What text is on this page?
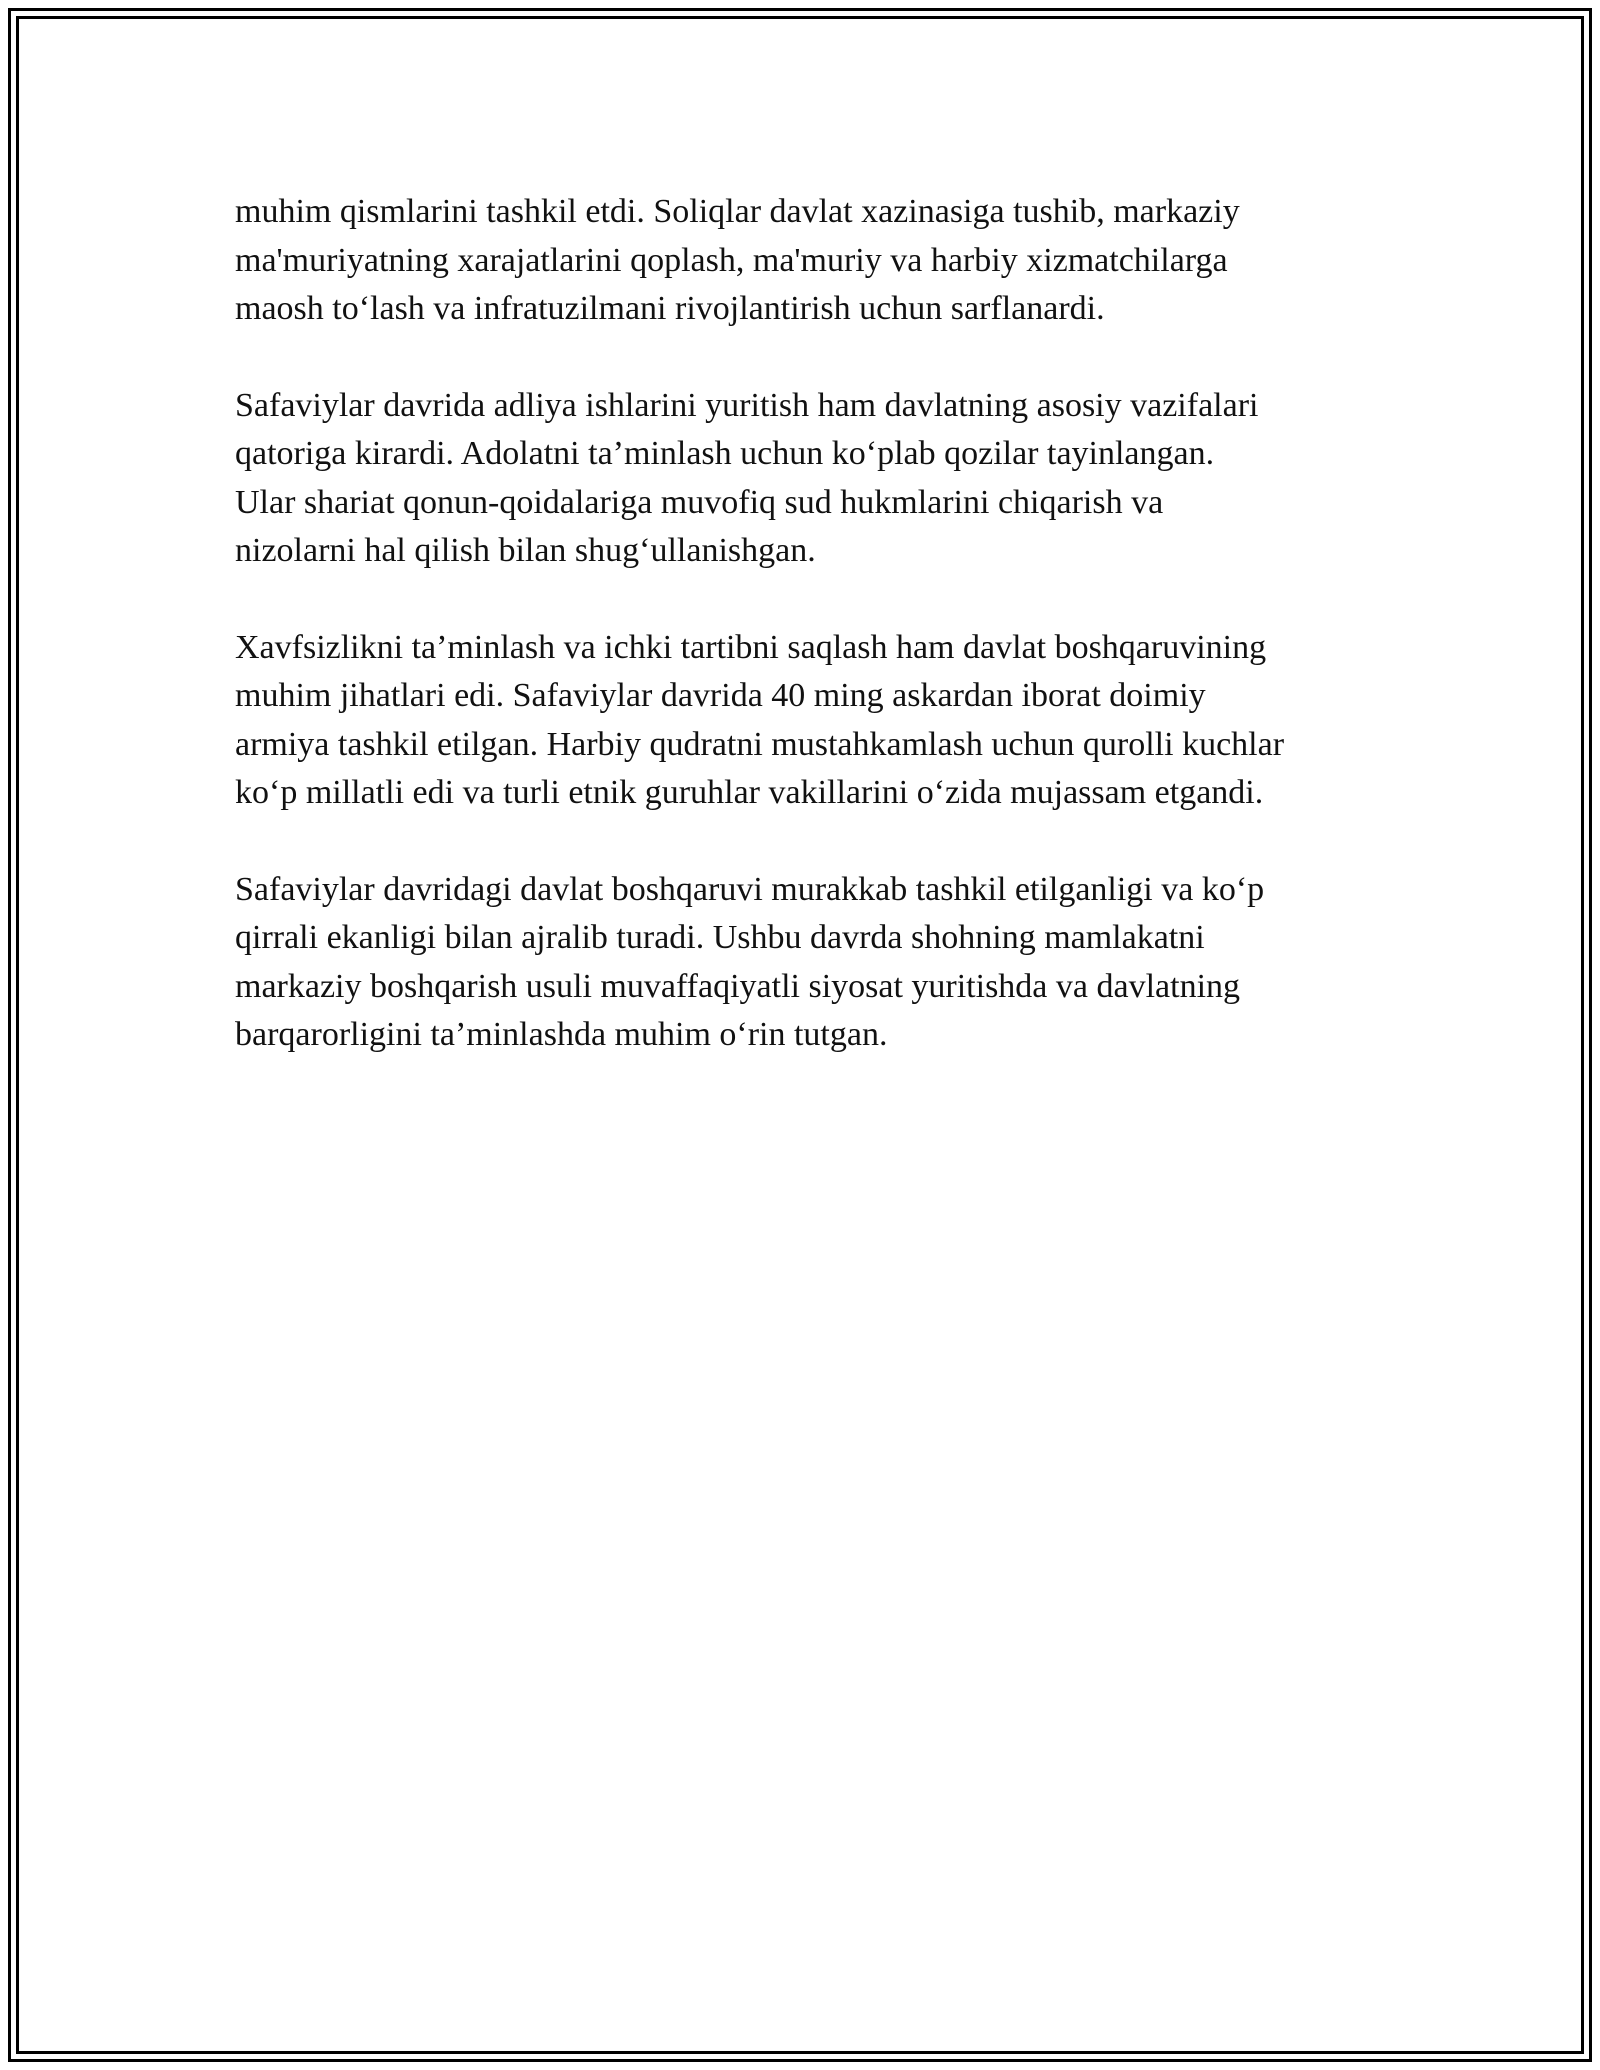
muhim qismlarini tashkil etdi. Soliqlar davlat xazinasiga tushib, markaziy
ma'muriyatning xarajatlarini qoplash, ma'muriy va harbiy xizmatchilarga
maosh to‘lash va infratuzilmani rivojlantirish uchun sarflanardi.

Safaviylar davrida adliya ishlarini yuritish ham davlatning asosiy vazifalari
qatoriga kirardi. Adolatni ta’minlash uchun ko‘plab qozilar tayinlangan.
Ular shariat qonun-qoidalariga muvofiq sud hukmlarini chiqarish va
nizolarni hal qilish bilan shug‘ullanishgan.

Xavfsizlikni ta’minlash va ichki tartibni saqlash ham davlat boshqaruvining
muhim jihatlari edi. Safaviylar davrida 40 ming askardan iborat doimiy
armiya tashkil etilgan. Harbiy qudratni mustahkamlash uchun qurolli kuchlar
ko‘p millatli edi va turli etnik guruhlar vakillarini o‘zida mujassam etgandi.

Safaviylar davridagi davlat boshqaruvi murakkab tashkil etilganligi va ko‘p
qirrali ekanligi bilan ajralib turadi. Ushbu davrda shohning mamlakatni
markaziy boshqarish usuli muvaffaqiyatli siyosat yuritishda va davlatning
barqarorligini ta’minlashda muhim o‘rin tutgan.
